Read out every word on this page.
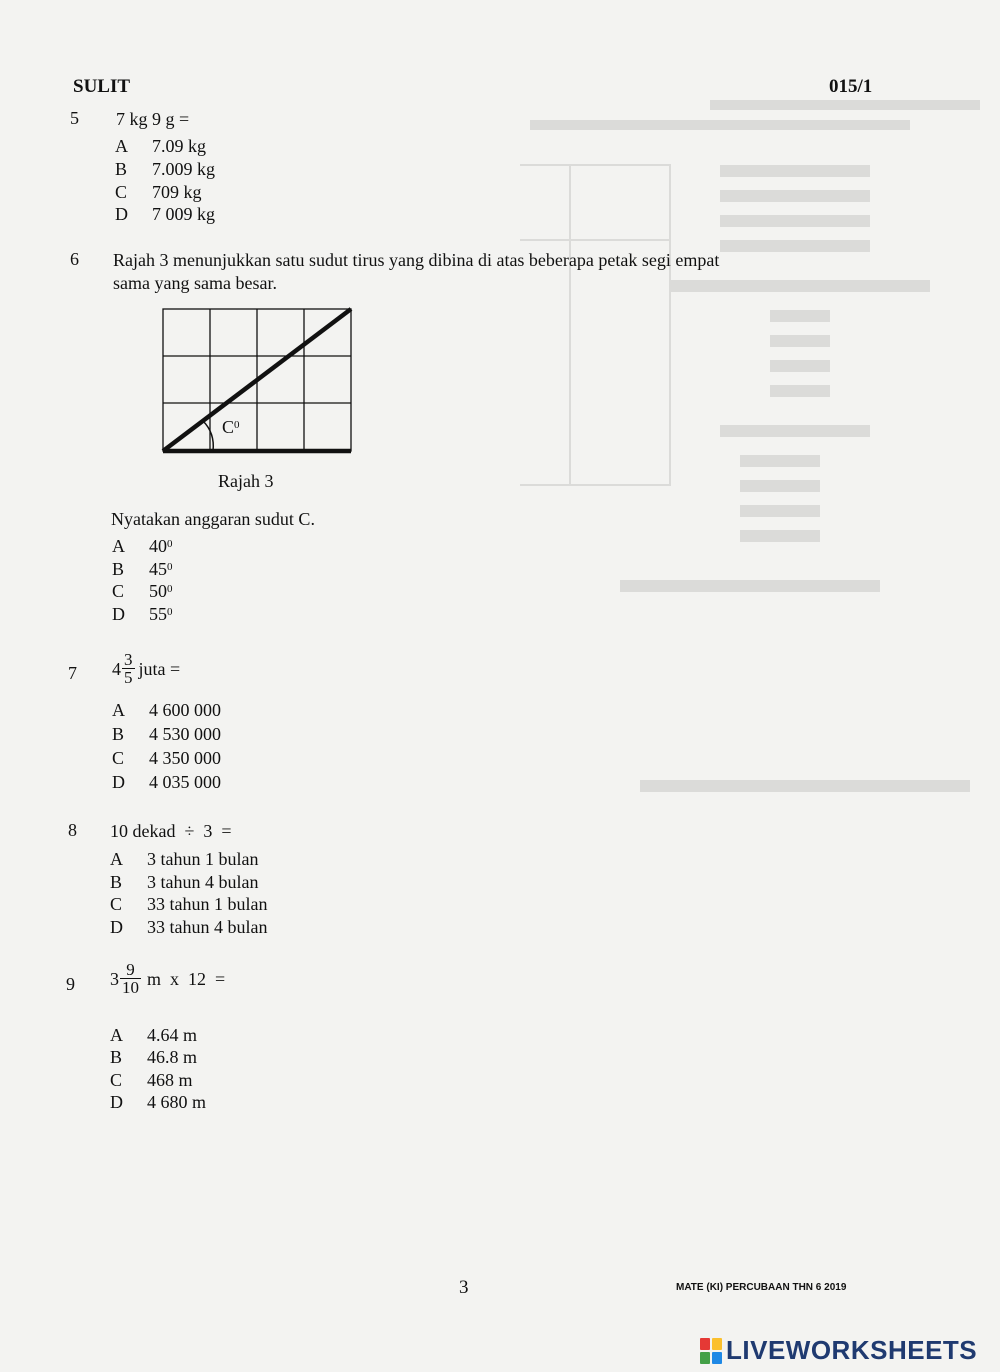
SULIT	015/1
5 7 kg 9 g =
A 7.09 kg
B 7.009 kg
C 709 kg
D 7 009 kg
6 Rajah 3 menunjukkan satu sudut tirus yang dibina di atas beberapa petak segi empat
sama yang sama besar.
$C^0$
Rajah 3
Nyatakan anggaran sudut C.
A $40^0$
B $45^0$
C $50^0$
D $55^0$
7 $4 \frac{3}{5}$ juta =
A 4 600 000
B 4 530 000
C 4 350 000
D 4 035 000
8 10 dekad  ÷  3  =
A 3 tahun 1 bulan
B 3 tahun 4 bulan
C 33 tahun 1 bulan
D 33 tahun 4 bulan
9 $3 \frac{9}{10}$ m  x  12  =
A 4.64 m
B 46.8 m
C 468 m
D 4 680 m
3	MATE (KI) PERCUBAAN THN 6 2019
LIVEWORKSHEETS
